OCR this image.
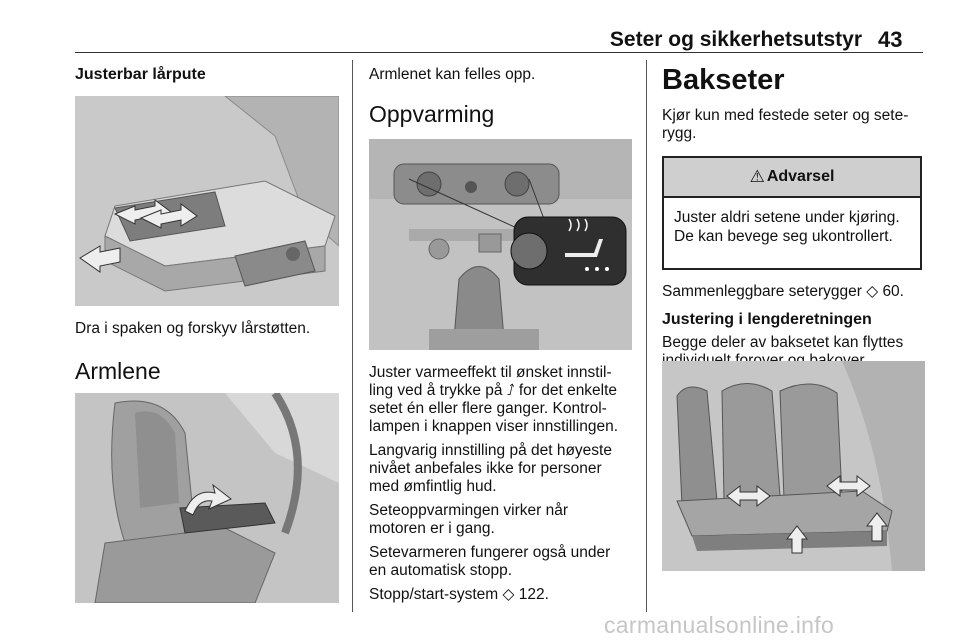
Seter og sikkerhetsutstyr 43
Justerbar lårpute

Dra i spaken og forskyv lårstøtten.

Armlene

Armlenet kan felles opp.

Oppvarming

Juster varmeeffekt til ønsket innstil-
ling ved å trykke på ⭜ for det enkelte
setet én eller flere ganger. Kontrol-
lampen i knappen viser innstillingen.

Langvarig innstilling på det høyeste
nivået anbefales ikke for personer
med ømfintlig hud.

Seteoppvarmingen virker når
motoren er i gang.

Setevarmeren fungerer også under
en automatisk stopp.

Stopp/start-system ◇ 122.

Bakseter

Kjør kun med festede seter og sete-
rygg.

⚠ Advarsel
Juster aldri setene under kjøring.
De kan bevege seg ukontrollert.

Sammenleggbare seterygger ◇ 60.

Justering i lengderetningen

Begge deler av baksetet kan flyttes

carmanualsonline.info
